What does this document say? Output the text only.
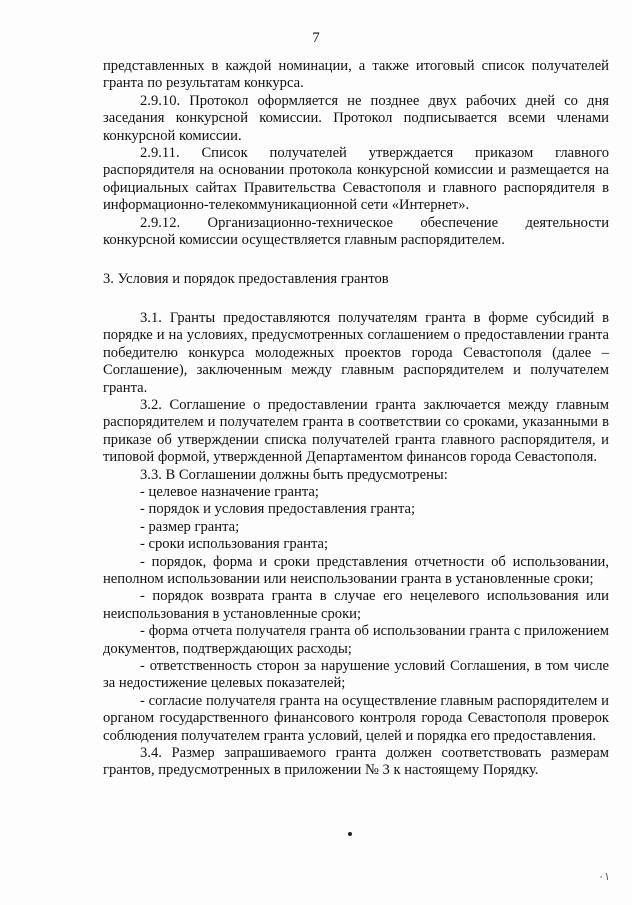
7

представленных в каждой номинации, а также итоговый список получателей гранта по результатам конкурса.

2.9.10. Протокол оформляется не позднее двух рабочих дней со дня заседания конкурсной комиссии. Протокол подписывается всеми членами конкурсной комиссии.

2.9.11. Список получателей утверждается приказом главного распорядителя на основании протокола конкурсной комиссии и размещается на официальных сайтах Правительства Севастополя и главного распорядителя в информационно-телекоммуникационной сети «Интернет».

2.9.12. Организационно-техническое обеспечение деятельности конкурсной комиссии осуществляется главным распорядителем.

3. Условия и порядок предоставления грантов

3.1. Гранты предоставляются получателям гранта в форме субсидий в порядке и на условиях, предусмотренных соглашением о предоставлении гранта победителю конкурса молодежных проектов города Севастополя (далее – Соглашение), заключенным между главным распорядителем и получателем гранта.

3.2. Соглашение о предоставлении гранта заключается между главным распорядителем и получателем гранта в соответствии со сроками, указанными в приказе об утверждении списка получателей гранта главного распорядителя, и типовой формой, утвержденной Департаментом финансов города Севастополя.

3.3. В Соглашении должны быть предусмотрены:

- целевое назначение гранта;

- порядок и условия предоставления гранта;

- размер гранта;

- сроки использования гранта;

- порядок, форма и сроки представления отчетности об использовании, неполном использовании или неиспользовании гранта в установленные сроки;

- порядок возврата гранта в случае его нецелевого использования или неиспользования в установленные сроки;

- форма отчета получателя гранта об использовании гранта с приложением документов, подтверждающих расходы;

- ответственность сторон за нарушение условий Соглашения, в том числе за недостижение целевых показателей;

- согласие получателя гранта на осуществление главным распорядителем и органом государственного финансового контроля города Севастополя проверок соблюдения получателем гранта условий, целей и порядка его предоставления.

3.4. Размер запрашиваемого гранта должен соответствовать размерам грантов, предусмотренных в приложении № 3 к настоящему Порядку.

۰۱
